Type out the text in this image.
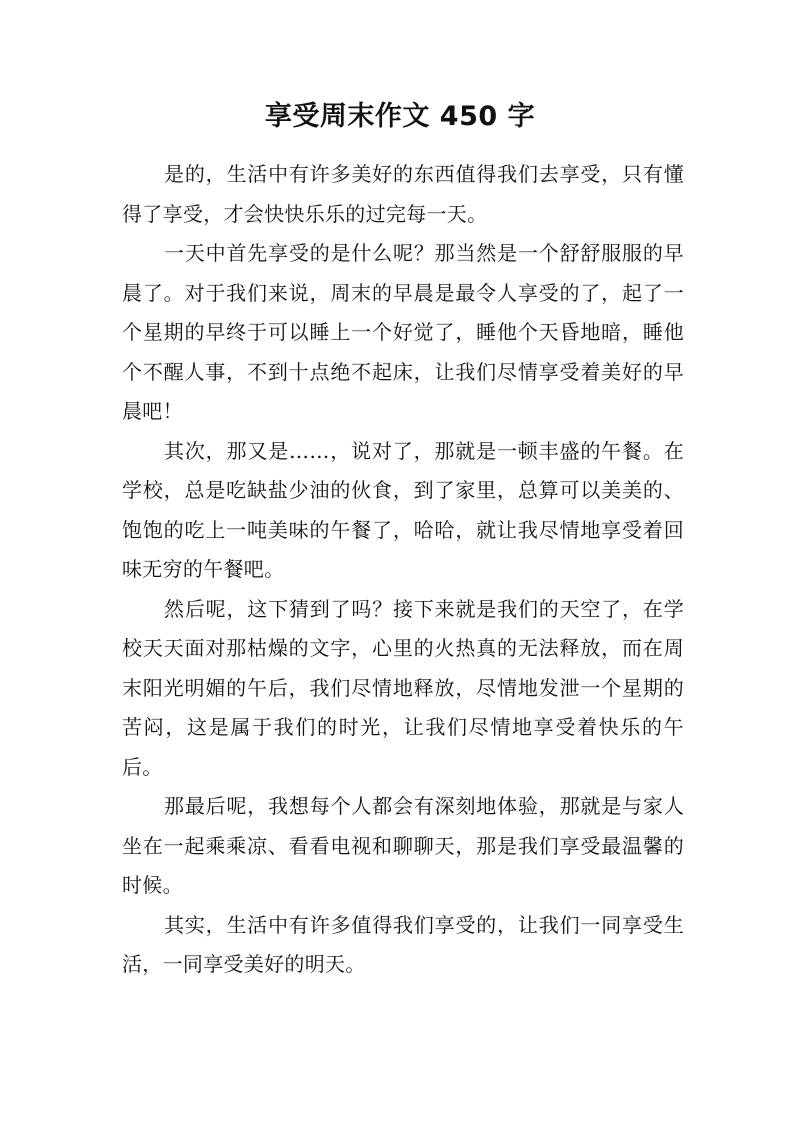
享受周末作文 450 字

是的，生活中有许多美好的东西值得我们去享受，只有懂得了享受，才会快快乐乐的过完每一天。

一天中首先享受的是什么呢？那当然是一个舒舒服服的早晨了。对于我们来说，周末的早晨是最令人享受的了，起了一个星期的早终于可以睡上一个好觉了，睡他个天昏地暗，睡他个不醒人事，不到十点绝不起床，让我们尽情享受着美好的早晨吧！

其次，那又是……，说对了，那就是一顿丰盛的午餐。在学校，总是吃缺盐少油的伙食，到了家里，总算可以美美的、饱饱的吃上一吨美味的午餐了，哈哈，就让我尽情地享受着回味无穷的午餐吧。

然后呢，这下猜到了吗？接下来就是我们的天空了，在学校天天面对那枯燥的文字，心里的火热真的无法释放，而在周末阳光明媚的午后，我们尽情地释放，尽情地发泄一个星期的苦闷，这是属于我们的时光，让我们尽情地享受着快乐的午后。

那最后呢，我想每个人都会有深刻地体验，那就是与家人坐在一起乘乘凉、看看电视和聊聊天，那是我们享受最温馨的时候。

其实，生活中有许多值得我们享受的，让我们一同享受生活，一同享受美好的明天。
